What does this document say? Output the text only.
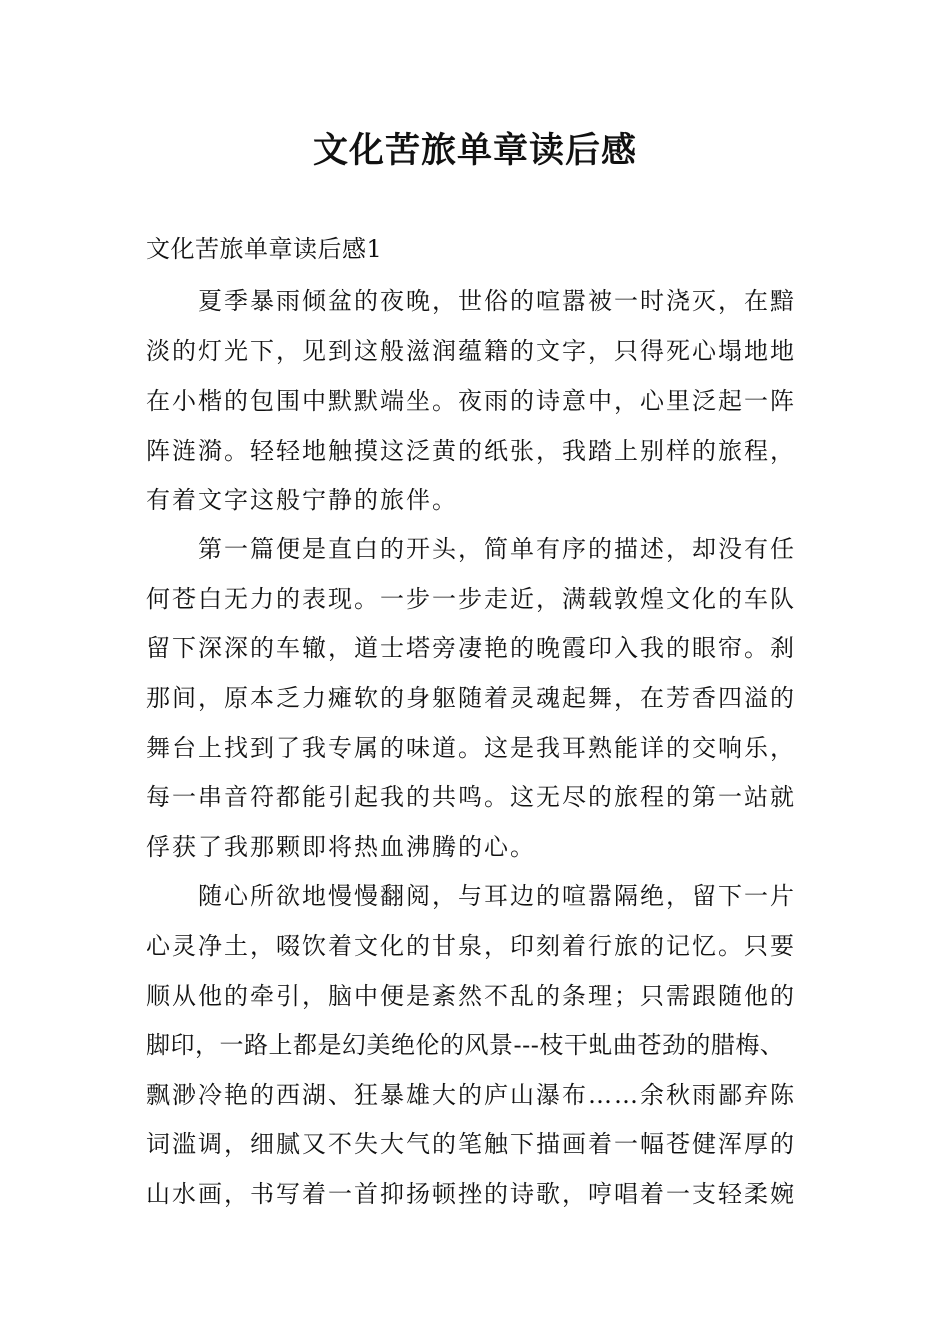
文化苦旅单章读后感
文化苦旅单章读后感1
夏季暴雨倾盆的夜晚，世俗的喧嚣被一时浇灭，在黯
淡的灯光下，见到这般滋润蕴籍的文字，只得死心塌地地
在小楷的包围中默默端坐。夜雨的诗意中，心里泛起一阵
阵涟漪。轻轻地触摸这泛黄的纸张，我踏上别样的旅程，
有着文字这般宁静的旅伴。
第一篇便是直白的开头，简单有序的描述，却没有任
何苍白无力的表现。一步一步走近，满载敦煌文化的车队
留下深深的车辙，道士塔旁凄艳的晚霞印入我的眼帘。刹
那间，原本乏力瘫软的身躯随着灵魂起舞，在芳香四溢的
舞台上找到了我专属的味道。这是我耳熟能详的交响乐，
每一串音符都能引起我的共鸣。这无尽的旅程的第一站就
俘获了我那颗即将热血沸腾的心。
随心所欲地慢慢翻阅，与耳边的喧嚣隔绝，留下一片
心灵净土，啜饮着文化的甘泉，印刻着行旅的记忆。只要
顺从他的牵引，脑中便是紊然不乱的条理；只需跟随他的
脚印，一路上都是幻美绝伦的风景---枝干虬曲苍劲的腊梅、
飘渺冷艳的西湖、狂暴雄大的庐山瀑布……余秋雨鄙弃陈
词滥调，细腻又不失大气的笔触下描画着一幅苍健浑厚的
山水画，书写着一首抑扬顿挫的诗歌，哼唱着一支轻柔婉
